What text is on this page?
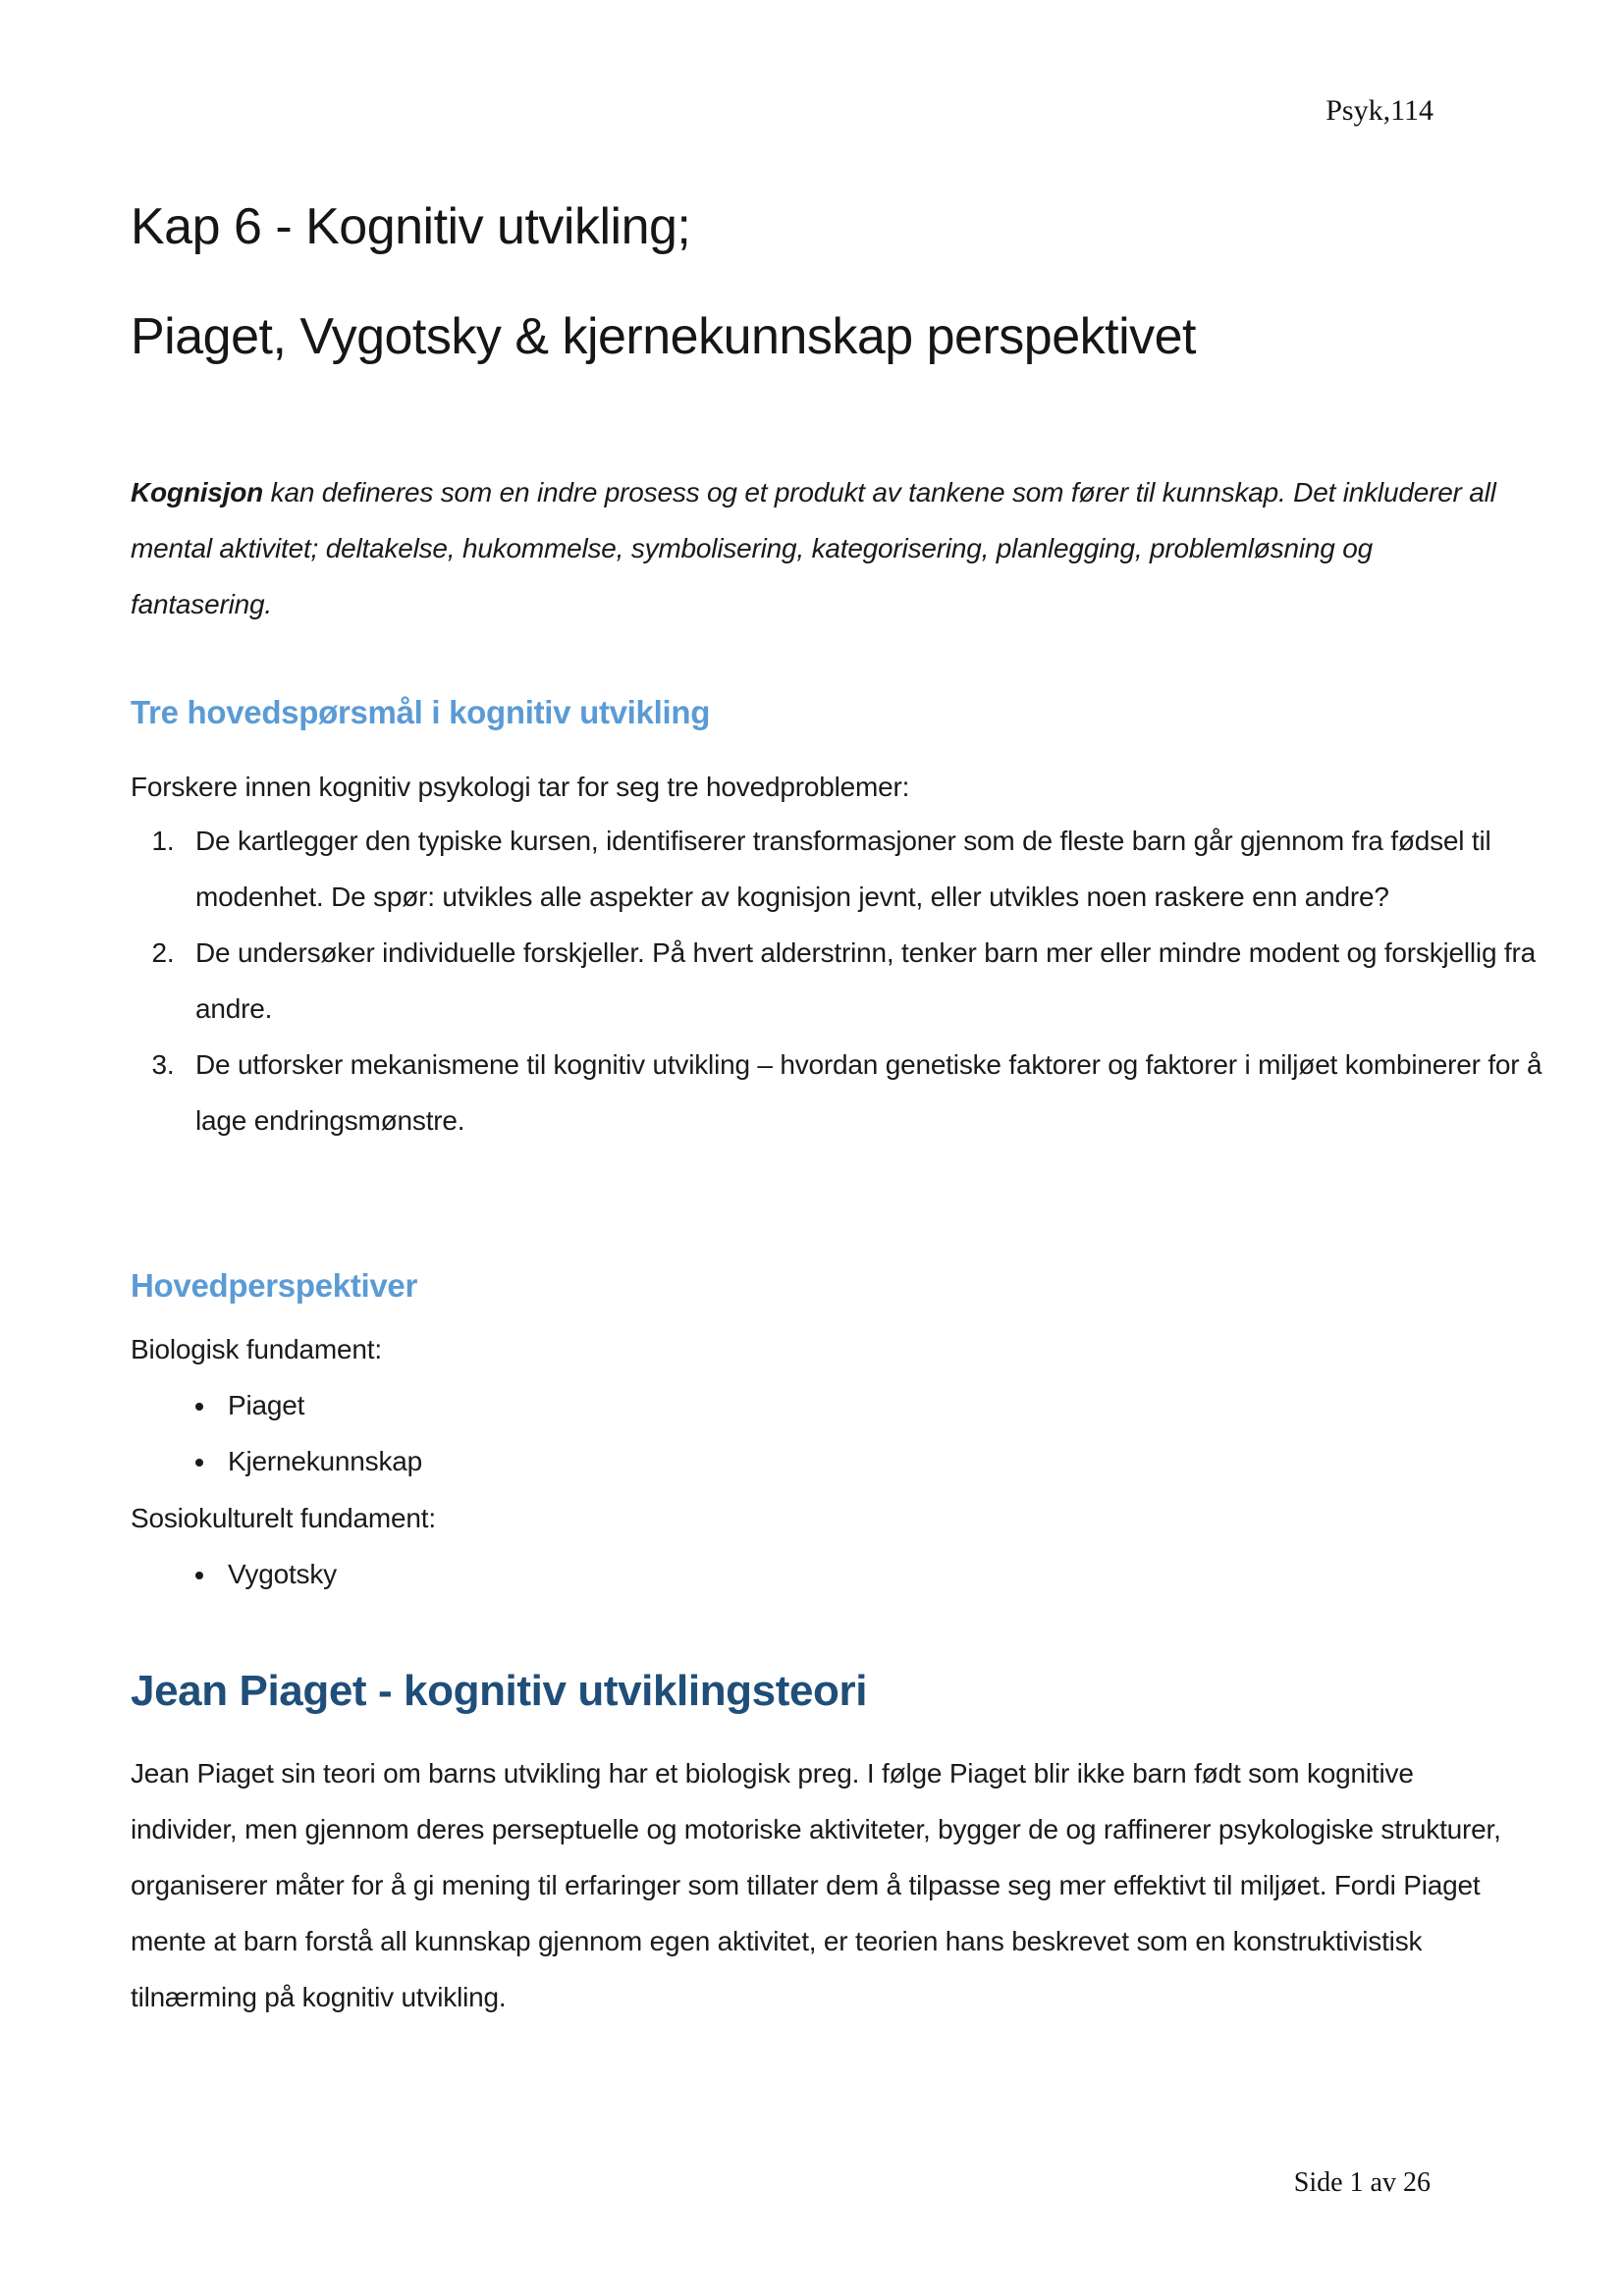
Psyk,114
Kap 6 - Kognitiv utvikling;
Piaget, Vygotsky & kjernekunnskap perspektivet

Kognisjon kan defineres som en indre prosess og et produkt av tankene som fører til kunnskap. Det inkluderer all mental aktivitet; deltakelse, hukommelse, symbolisering, kategorisering, planlegging, problemløsning og fantasering.

Tre hovedspørsmål i kognitiv utvikling

Forskere innen kognitiv psykologi tar for seg tre hovedproblemer:

1. De kartlegger den typiske kursen, identifiserer transformasjoner som de fleste barn går gjennom fra fødsel til modenhet. De spør: utvikles alle aspekter av kognisjon jevnt, eller utvikles noen raskere enn andre?
2. De undersøker individuelle forskjeller. På hvert alderstrinn, tenker barn mer eller mindre modent og forskjellig fra andre.
3. De utforsker mekanismene til kognitiv utvikling – hvordan genetiske faktorer og faktorer i miljøet kombinerer for å lage endringsmønstre.
Hovedperspektiver

Biologisk fundament:

• Piaget
• Kjernekunnskap

Sosiokulturelt fundament:

• Vygotsky
Jean Piaget - kognitiv utviklingsteori

Jean Piaget sin teori om barns utvikling har et biologisk preg. I følge Piaget blir ikke barn født som kognitive individer, men gjennom deres perseptuelle og motoriske aktiviteter, bygger de og raffinerer psykologiske strukturer, organiserer måter for å gi mening til erfaringer som tillater dem å tilpasse seg mer effektivt til miljøet. Fordi Piaget mente at barn forstå all kunnskap gjennom egen aktivitet, er teorien hans beskrevet som en konstruktivistisk tilnærming på kognitiv utvikling.

Side 1 av 26
